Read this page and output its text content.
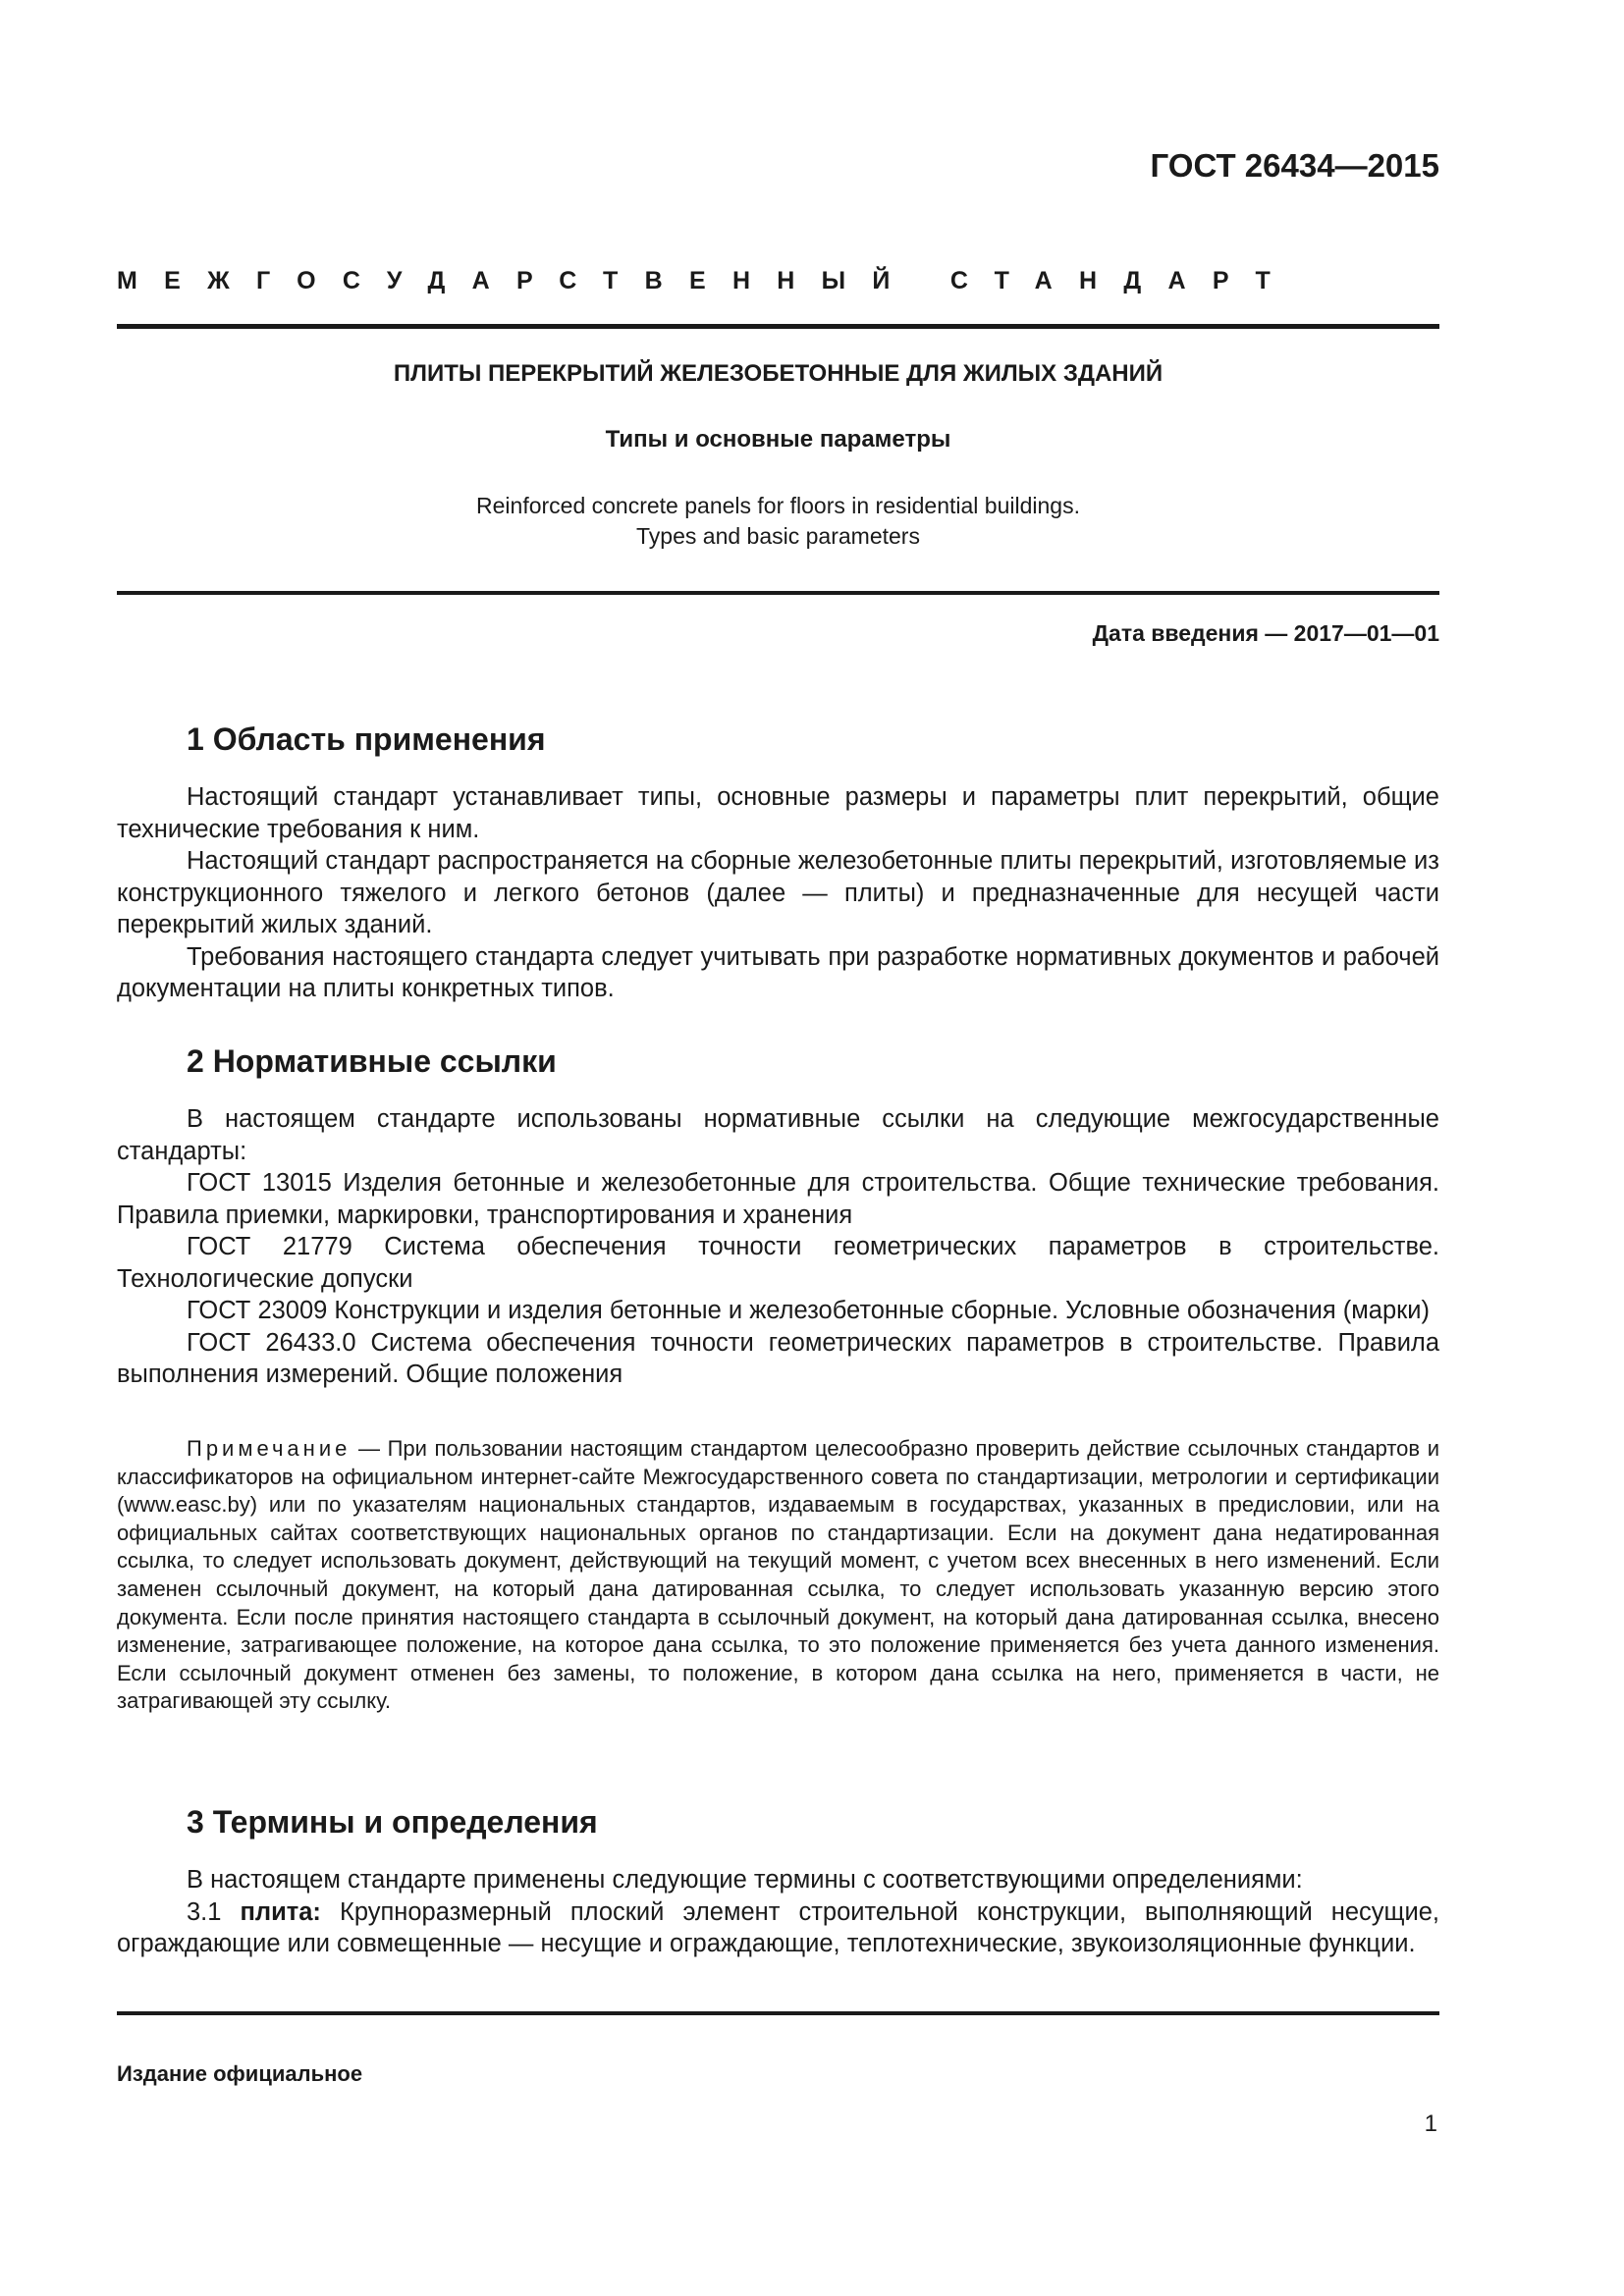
ГОСТ 26434—2015
МЕЖГОСУДАРСТВЕННЫЙ СТАНДАРТ
ПЛИТЫ ПЕРЕКРЫТИЙ ЖЕЛЕЗОБЕТОННЫЕ ДЛЯ ЖИЛЫХ ЗДАНИЙ
Типы и основные параметры
Reinforced concrete panels for floors in residential buildings.
Types and basic parameters
Дата введения — 2017—01—01
1 Область применения

Настоящий стандарт устанавливает типы, основные размеры и параметры плит перекрытий, общие технические требования к ним.

Настоящий стандарт распространяется на сборные железобетонные плиты перекрытий, изготовляемые из конструкционного тяжелого и легкого бетонов (далее — плиты) и предназначенные для несущей части перекрытий жилых зданий.

Требования настоящего стандарта следует учитывать при разработке нормативных документов и рабочей документации на плиты конкретных типов.

2 Нормативные ссылки

В настоящем стандарте использованы нормативные ссылки на следующие межгосударственные стандарты:

ГОСТ 13015 Изделия бетонные и железобетонные для строительства. Общие технические требования. Правила приемки, маркировки, транспортирования и хранения

ГОСТ 21779 Система обеспечения точности геометрических параметров в строительстве. Технологические допуски

ГОСТ 23009 Конструкции и изделия бетонные и железобетонные сборные. Условные обозначения (марки)

ГОСТ 26433.0 Система обеспечения точности геометрических параметров в строительстве. Правила выполнения измерений. Общие положения

Примечание — При пользовании настоящим стандартом целесообразно проверить действие ссылочных стандартов и классификаторов на официальном интернет-сайте Межгосударственного совета по стандартизации, метрологии и сертификации (www.easc.by) или по указателям национальных стандартов, издаваемым в государствах, указанных в предисловии, или на официальных сайтах соответствующих национальных органов по стандартизации. Если на документ дана недатированная ссылка, то следует использовать документ, действующий на текущий момент, с учетом всех внесенных в него изменений. Если заменен ссылочный документ, на который дана датированная ссылка, то следует использовать указанную версию этого документа. Если после принятия настоящего стандарта в ссылочный документ, на который дана датированная ссылка, внесено изменение, затрагивающее положение, на которое дана ссылка, то это положение применяется без учета данного изменения. Если ссылочный документ отменен без замены, то положение, в котором дана ссылка на него, применяется в части, не затрагивающей эту ссылку.

3 Термины и определения

В настоящем стандарте применены следующие термины с соответствующими определениями:

3.1 плита: Крупноразмерный плоский элемент строительной конструкции, выполняющий несущие, ограждающие или совмещенные — несущие и ограждающие, теплотехнические, звукоизоляционные функции.

Издание официальное
1
